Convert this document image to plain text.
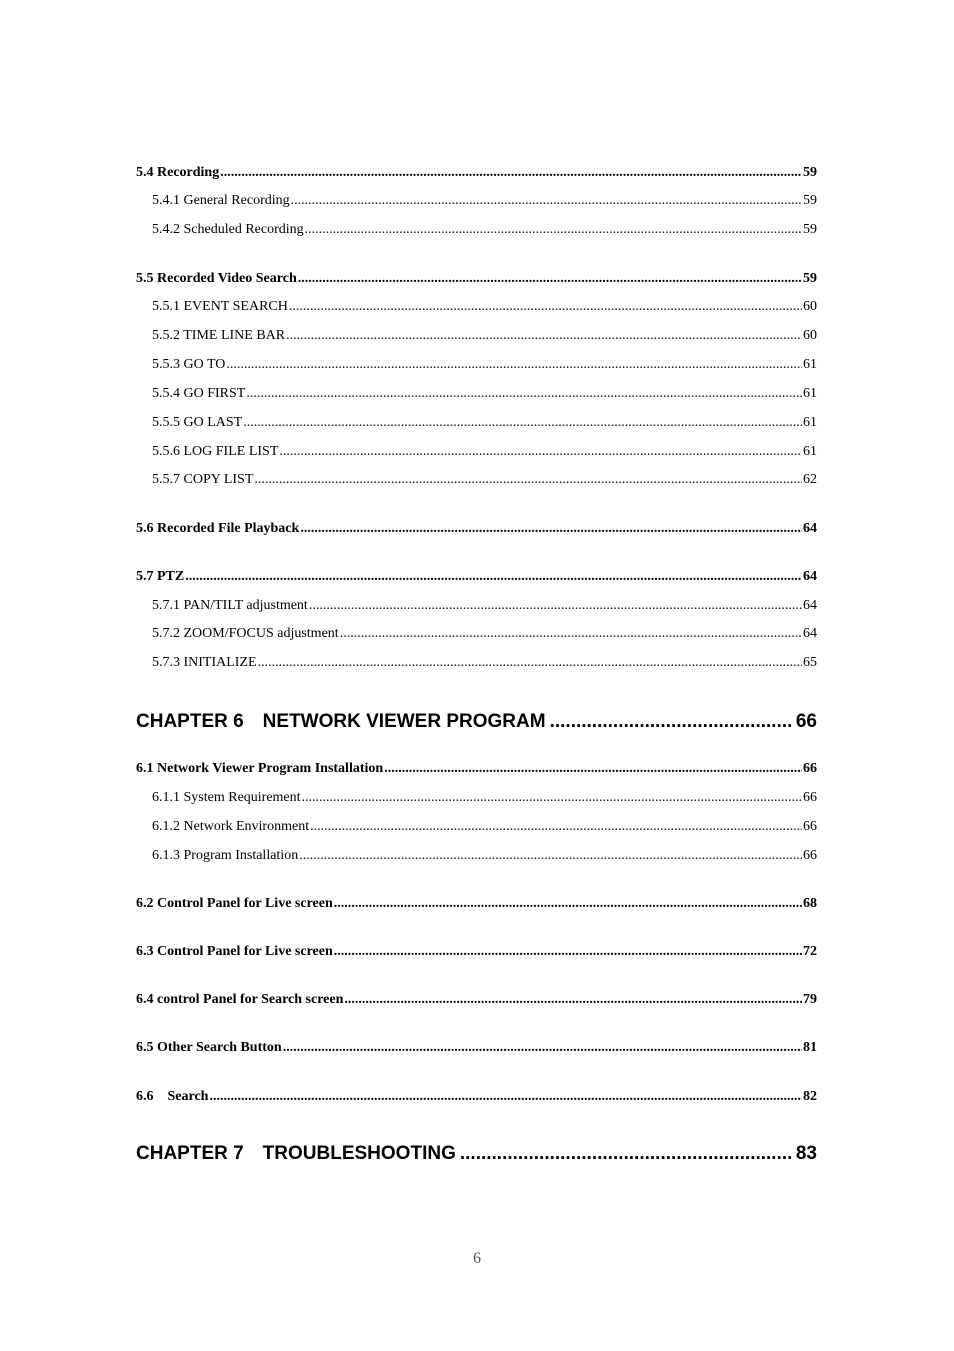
5.4 Recording .....	59
5.4.1 General Recording .....	59
5.4.2 Scheduled Recording .....	59
5.5 Recorded Video Search .....	59
5.5.1 EVENT SEARCH .....	60
5.5.2 TIME LINE BAR .....	60
5.5.3 GO TO .....	61
5.5.4 GO FIRST .....	61
5.5.5 GO LAST .....	61
5.5.6 LOG FILE LIST .....	61
5.5.7 COPY LIST .....	62
5.6 Recorded File Playback .....	64
5.7 PTZ .....	64
5.7.1 PAN/TILT adjustment .....	64
5.7.2 ZOOM/FOCUS adjustment .....	64
5.7.3 INITIALIZE .....	65
CHAPTER 6 NETWORK VIEWER PROGRAM .....	66
6.1 Network Viewer Program Installation .....	66
6.1.1 System Requirement .....	66
6.1.2 Network Environment .....	66
6.1.3 Program Installation .....	66
6.2 Control Panel for Live screen .....	68
6.3 Control Panel for Live screen .....	72
6.4 control Panel for Search screen .....	79
6.5 Other Search Button .....	81
6.6 Search .....	82
CHAPTER 7 TROUBLESHOOTING .....	83
6
